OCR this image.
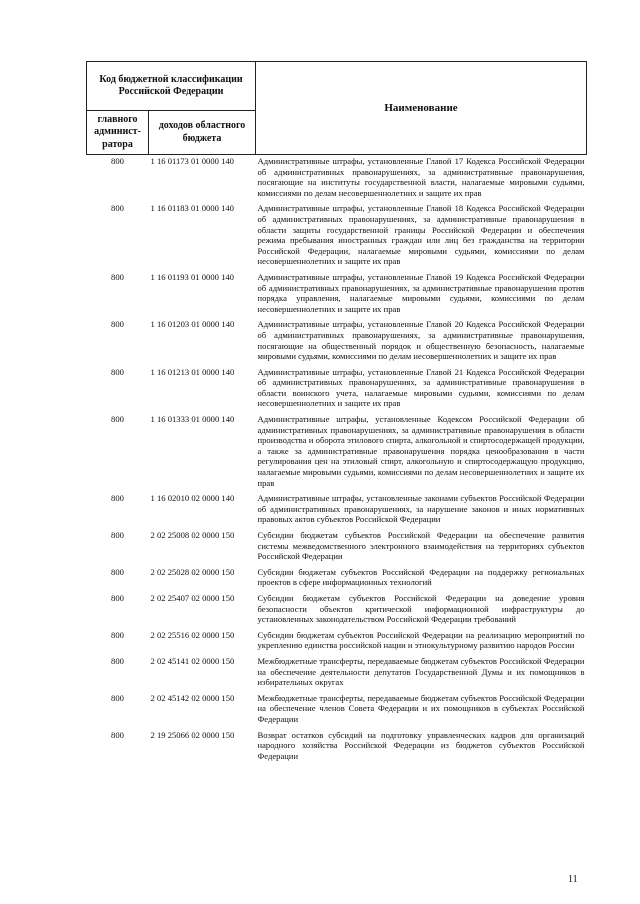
Код бюджетной классификации Российской Федерации		Наименование
главного админист-ратора	доходов областного бюджета	
800	1 16 01173 01 0000 140	Административные штрафы, установленные Главой 17 Кодекса Российской Федерации об административных правонарушениях, за административные правонарушения, посягающие на институты государственной власти, налагаемые мировыми судьями, комиссиями по делам несовершеннолетних и защите их прав
800	1 16 01183 01 0000 140	Административные штрафы, установленные Главой 18 Кодекса Российской Федерации об административных правонарушениях, за административные правонарушения в области защиты государственной границы Российской Федерации и обеспечения режима пребывания иностранных граждан или лиц без гражданства на территории Российской Федерации, налагаемые мировыми судьями, комиссиями по делам несовершеннолетних и защите их прав
800	1 16 01193 01 0000 140	Административные штрафы, установленные Главой 19 Кодекса Российской Федерации об административных правонарушениях, за административные правонарушения против порядка управления, налагаемые мировыми судьями, комиссиями по делам несовершеннолетних и защите их прав
800	1 16 01203 01 0000 140	Административные штрафы, установленные Главой 20 Кодекса Российской Федерации об административных правонарушениях, за административные правонарушения, посягающие на общественный порядок и общественную безопасность, налагаемые мировыми судьями, комиссиями по делам несовершеннолетних и защите их прав
800	1 16 01213 01 0000 140	Административные штрафы, установленные Главой 21 Кодекса Российской Федерации об административных правонарушениях, за административные правонарушения в области воинского учета, налагаемые мировыми судьями, комиссиями по делам несовершеннолетних и защите их прав
800	1 16 01333 01 0000 140	Административные штрафы, установленные Кодексом Российской Федерации об административных правонарушениях, за административные правонарушения в области производства и оборота этилового спирта, алкогольной и спиртосодержащей продукции, а также за административные правонарушения порядка ценообразования в части регулирования цен на этиловый спирт, алкогольную и спиртосодержащую продукцию, налагаемые мировыми судьями, комиссиями по делам несовершеннолетних и защите их прав
800	1 16 02010 02 0000 140	Административные штрафы, установленные законами субъектов Российской Федерации об административных правонарушениях, за нарушение законов и иных нормативных правовых актов субъектов Российской Федерации
800	2 02 25008 02 0000 150	Субсидии бюджетам субъектов Российской Федерации на обеспечение развития системы межведомственного электронного взаимодействия на территориях субъектов Российской Федерации
800	2 02 25028 02 0000 150	Субсидии бюджетам субъектов Российской Федерации на поддержку региональных проектов в сфере информационных технологий
800	2 02 25407 02 0000 150	Субсидии бюджетам субъектов Российской Федерации на доведение уровня безопасности объектов критической информационной инфраструктуры до установленных законодательством Российской Федерации требований
800	2 02 25516 02 0000 150	Субсидии бюджетам субъектов Российской Федерации на реализацию мероприятий по укреплению единства российской нации и этнокультурному развитию народов России
800	2 02 45141 02 0000 150	Межбюджетные трансферты, передаваемые бюджетам субъектов Российской Федерации на обеспечение деятельности депутатов Государственной Думы и их помощников в избирательных округах
800	2 02 45142 02 0000 150	Межбюджетные трансферты, передаваемые бюджетам субъектов Российской Федерации на обеспечение членов Совета Федерации и их помощников в субъектах Российской Федерации
800	2 19 25066 02 0000 150	Возврат остатков субсидий на подготовку управленческих кадров для организаций народного хозяйства Российской Федерации из бюджетов субъектов Российской Федерации
11
